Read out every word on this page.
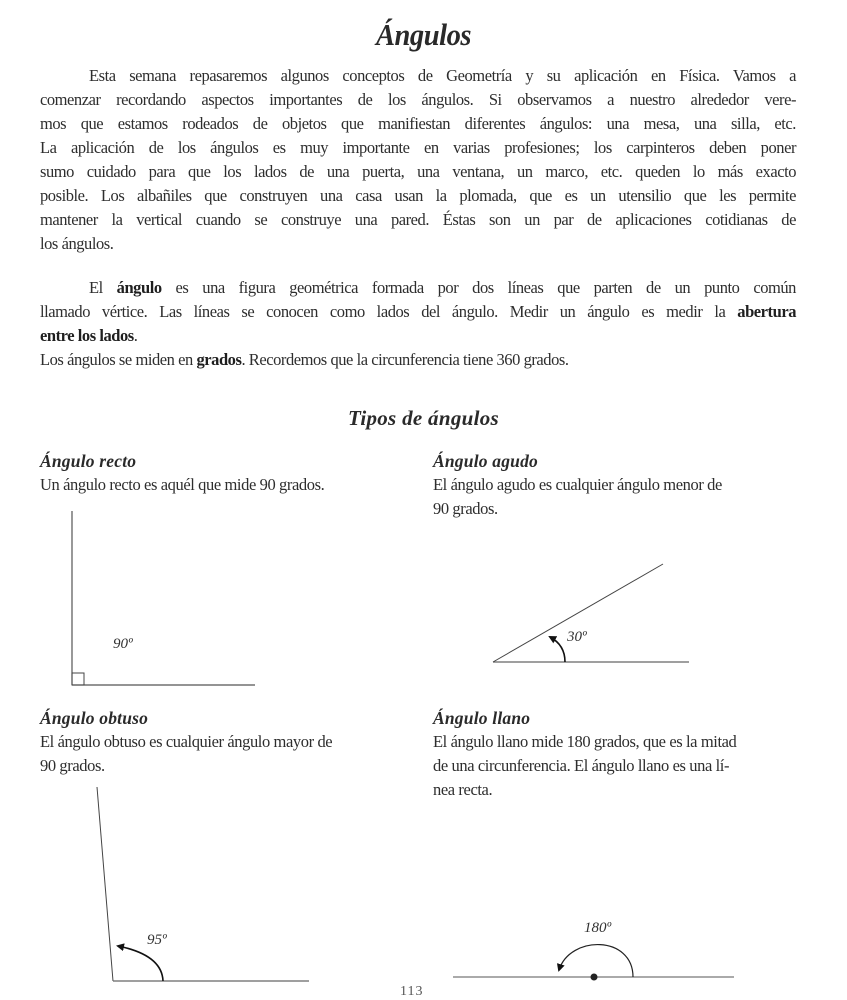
Ángulos
Esta semana repasaremos algunos conceptos de Geometría y su aplicación en Física. Vamos a
comenzar recordando aspectos importantes de los ángulos. Si observamos a nuestro alrededor vere-
mos que estamos rodeados de objetos que manifiestan diferentes ángulos: una mesa, una silla, etc.
La aplicación de los ángulos es muy importante en varias profesiones; los carpinteros deben poner
sumo cuidado para que los lados de una puerta, una ventana, un marco, etc. queden lo más exacto
posible. Los albañiles que construyen una casa usan la plomada, que es un utensilio que les permite
mantener la vertical cuando se construye una pared. Éstas son un par de aplicaciones cotidianas de
los ángulos.
El ángulo es una figura geométrica formada por dos líneas que parten de un punto común
llamado vértice. Las líneas se conocen como lados del ángulo. Medir un ángulo es medir la abertura
entre los lados.
Los ángulos se miden en grados. Recordemos que la circunferencia tiene 360 grados.
Tipos de ángulos
Ángulo recto
Un ángulo recto es aquél que mide 90 grados.
Ángulo agudo
El ángulo agudo es cualquier ángulo menor de
90 grados.
Ángulo obtuso
El ángulo obtuso es cualquier ángulo mayor de
90 grados.
Ángulo llano
El ángulo llano mide 180 grados, que es la mitad
de una circunferencia. El ángulo llano es una lí-
nea recta.
90º	30º
95º
180º
113
